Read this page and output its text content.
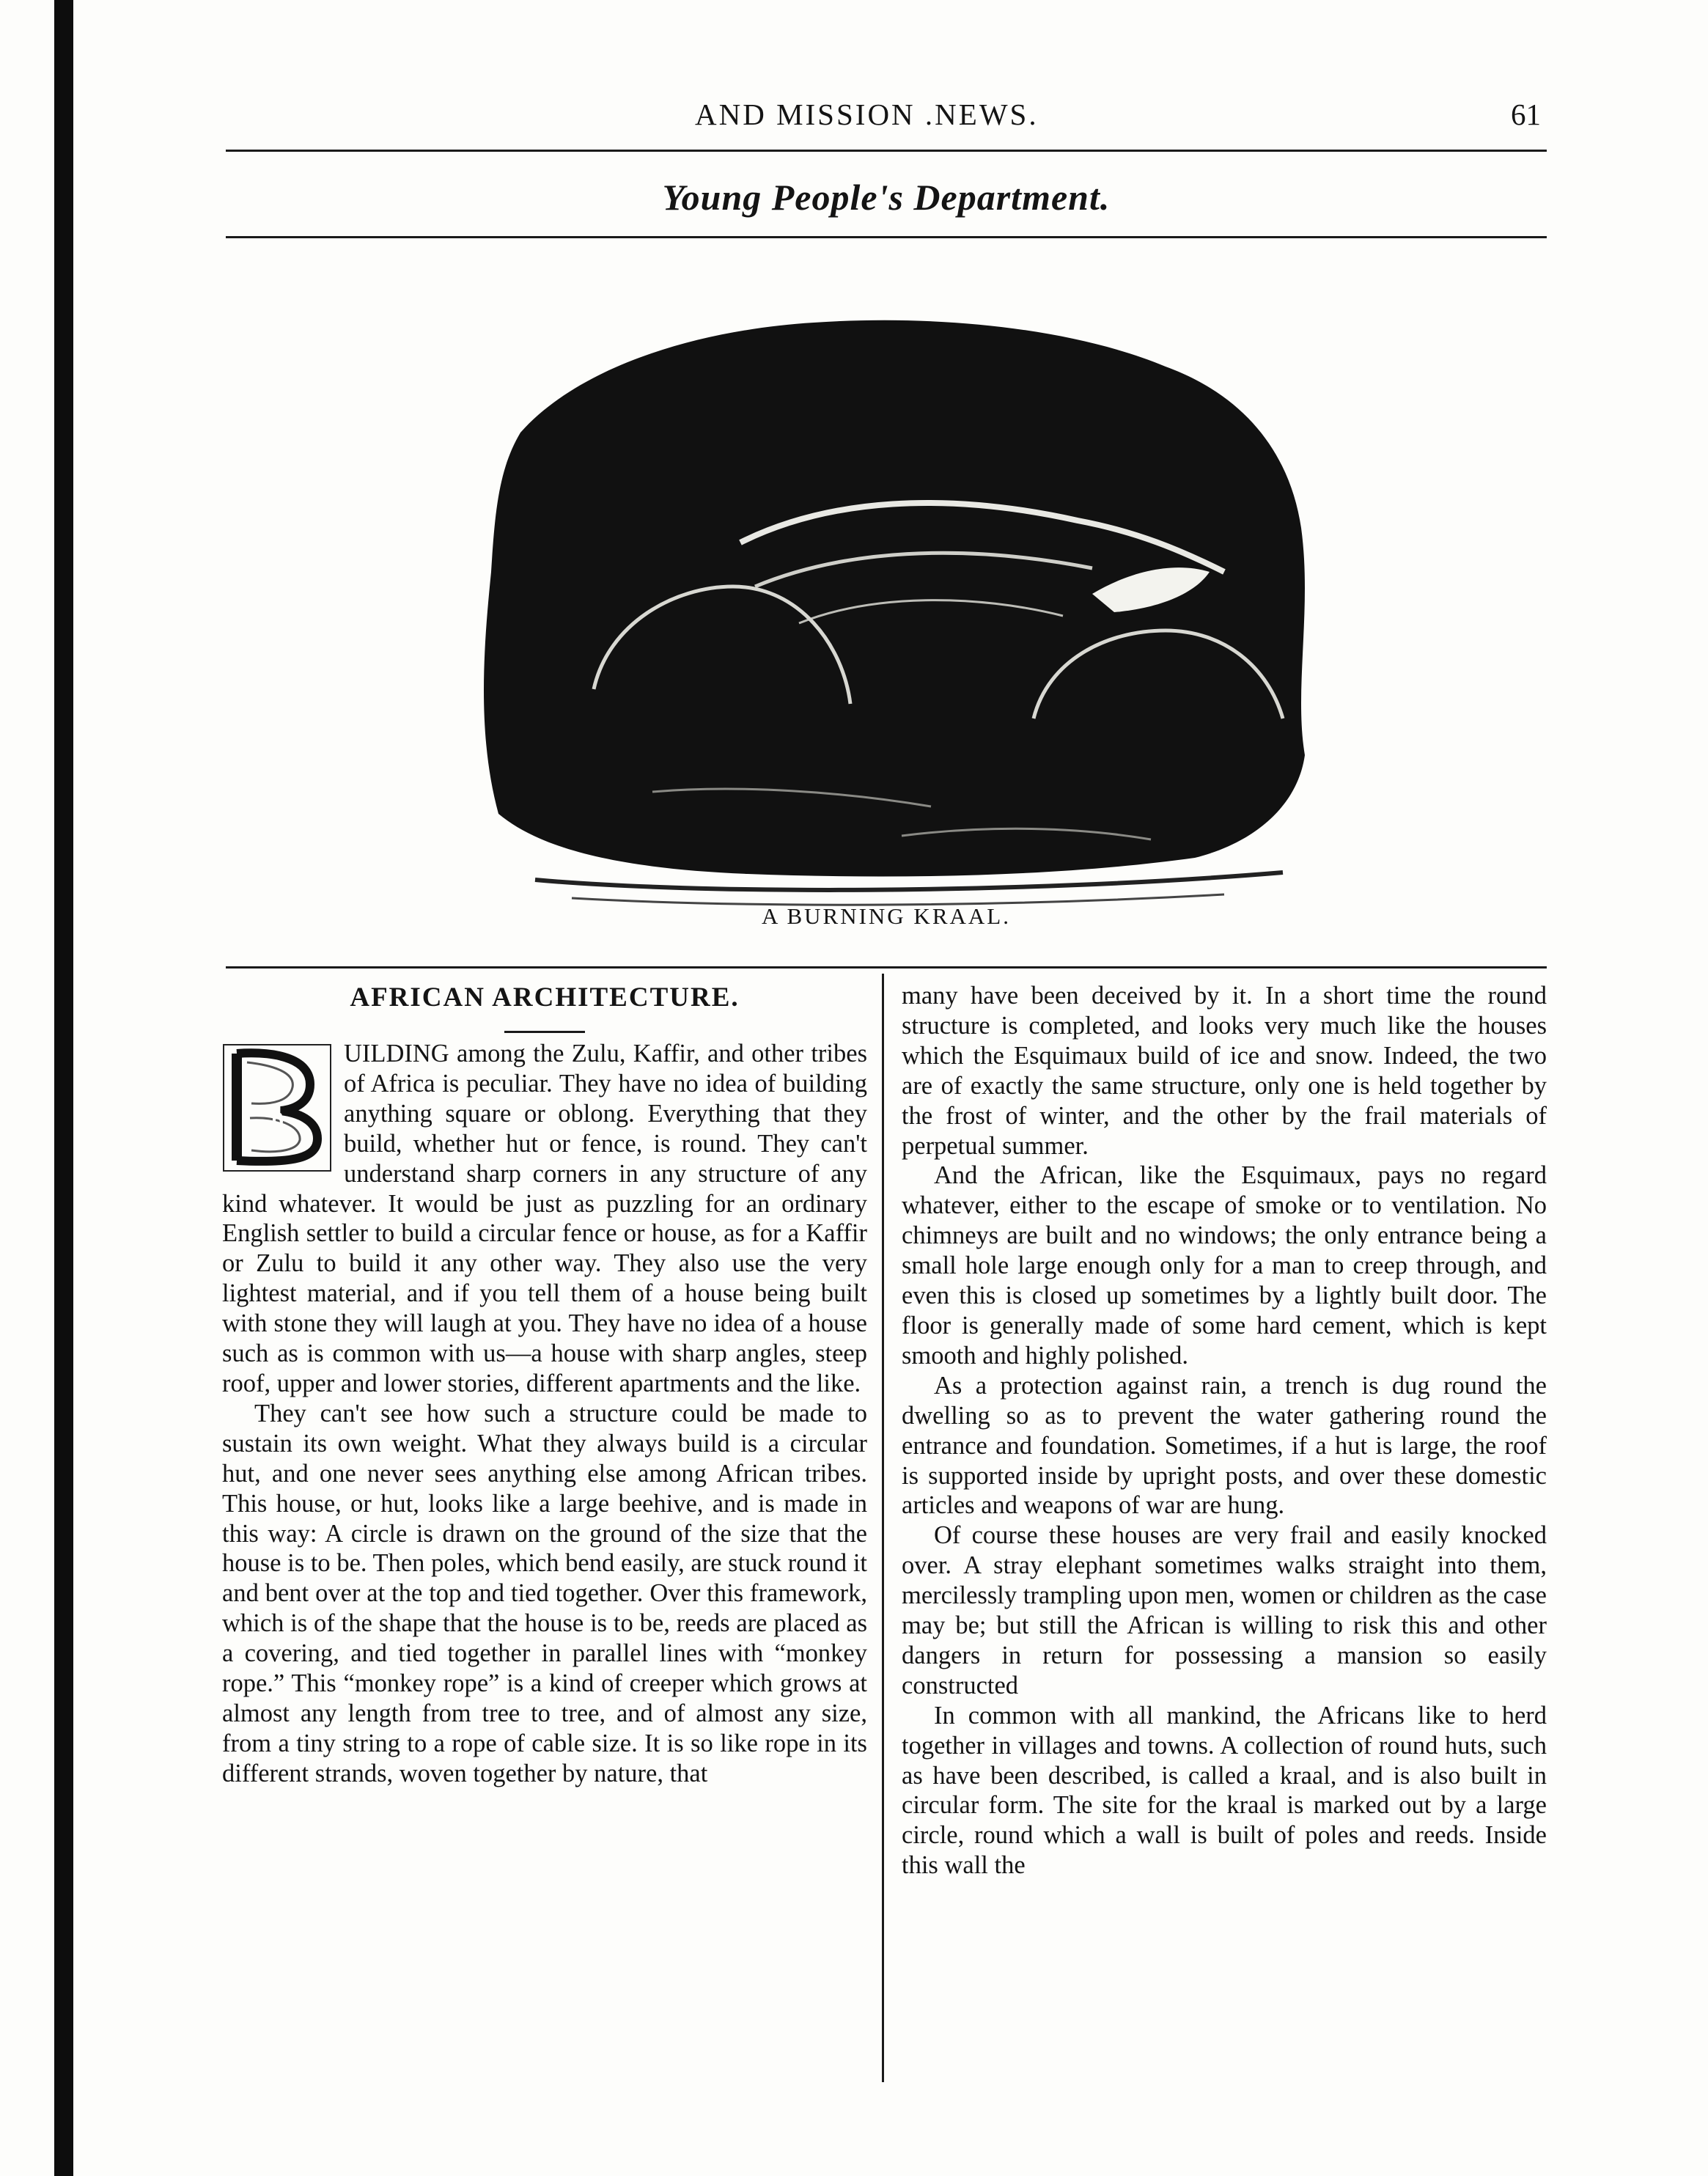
AND MISSION .NEWS.	61
Young People's Department.
A BURNING KRAAL.
AFRICAN ARCHITECTURE.
B

UILDING among the Zulu, Kaffir, and other tribes of Africa is peculiar. They have no idea of building anything square or oblong. Everything that they build, whether hut or fence, is round. They can't understand sharp corners in any structure of any kind whatever. It would be just as puzzling for an ordinary English settler to build a circular fence or house, as for a Kaffir or Zulu to build it any other way. They also use the very lightest material, and if you tell them of a house being built with stone they will laugh at you. They have no idea of a house such as is common with us—a house with sharp angles, steep roof, upper and lower stories, different apartments and the like.

They can't see how such a structure could be made to sustain its own weight. What they always build is a circular hut, and one never sees anything else among African tribes. This house, or hut, looks like a large beehive, and is made in this way: A circle is drawn on the ground of the size that the house is to be. Then poles, which bend easily, are stuck round it and bent over at the top and tied together. Over this framework, which is of the shape that the house is to be, reeds are placed as a covering, and tied together in parallel lines with “monkey rope.” This “monkey rope” is a kind of creeper which grows at almost any length from tree to tree, and of almost any size, from a tiny string to a rope of cable size. It is so like rope in its different strands, woven together by nature, that

many have been deceived by it. In a short time the round structure is completed, and looks very much like the houses which the Esquimaux build of ice and snow. Indeed, the two are of exactly the same structure, only one is held together by the frost of winter, and the other by the frail materials of perpetual summer.

And the African, like the Esquimaux, pays no regard whatever, either to the escape of smoke or to ventilation. No chimneys are built and no windows; the only entrance being a small hole large enough only for a man to creep through, and even this is closed up sometimes by a lightly built door. The floor is generally made of some hard cement, which is kept smooth and highly polished.

As a protection against rain, a trench is dug round the dwelling so as to prevent the water gathering round the entrance and foundation. Sometimes, if a hut is large, the roof is supported inside by upright posts, and over these domestic articles and weapons of war are hung.

Of course these houses are very frail and easily knocked over. A stray elephant sometimes walks straight into them, mercilessly trampling upon men, women or children as the case may be; but still the African is willing to risk this and other dangers in return for possessing a mansion so easily constructed

In common with all mankind, the Africans like to herd together in villages and towns. A collection of round huts, such as have been described, is called a kraal, and is also built in circular form. The site for the kraal is marked out by a large circle, round which a wall is built of poles and reeds. Inside this wall the
